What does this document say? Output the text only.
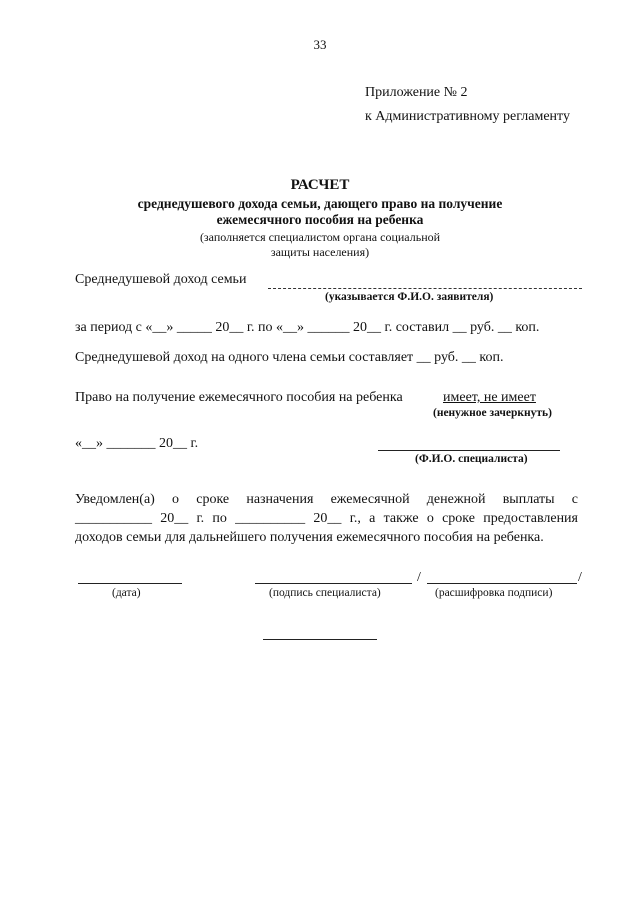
33
Приложение № 2
к Административному регламенту
РАСЧЕТ
среднедушевого дохода семьи, дающего право на получение
ежемесячного пособия на ребенка
(заполняется специалистом органа социальной
защиты населения)
Среднедушевой доход семьи
(указывается Ф.И.О. заявителя)
за период с «__» _____ 20__ г. по «__» ______ 20__ г. составил __ руб. __ коп.
Среднедушевой доход на одного члена семьи составляет __ руб. __ коп.
Право на получение ежемесячного пособия на ребенка	имеет, не имеет
(ненужное зачеркнуть)
«__» _______ 20__ г.
(Ф.И.О. специалиста)
Уведомлен(а) о сроке назначения ежемесячной денежной выплаты с
___________ 20__ г. по __________ 20__ г., а также о сроке предоставления
доходов семьи для дальнейшего получения ежемесячного пособия на ребенка.
/	/
(дата)	(подпись специалиста)	(расшифровка подписи)
